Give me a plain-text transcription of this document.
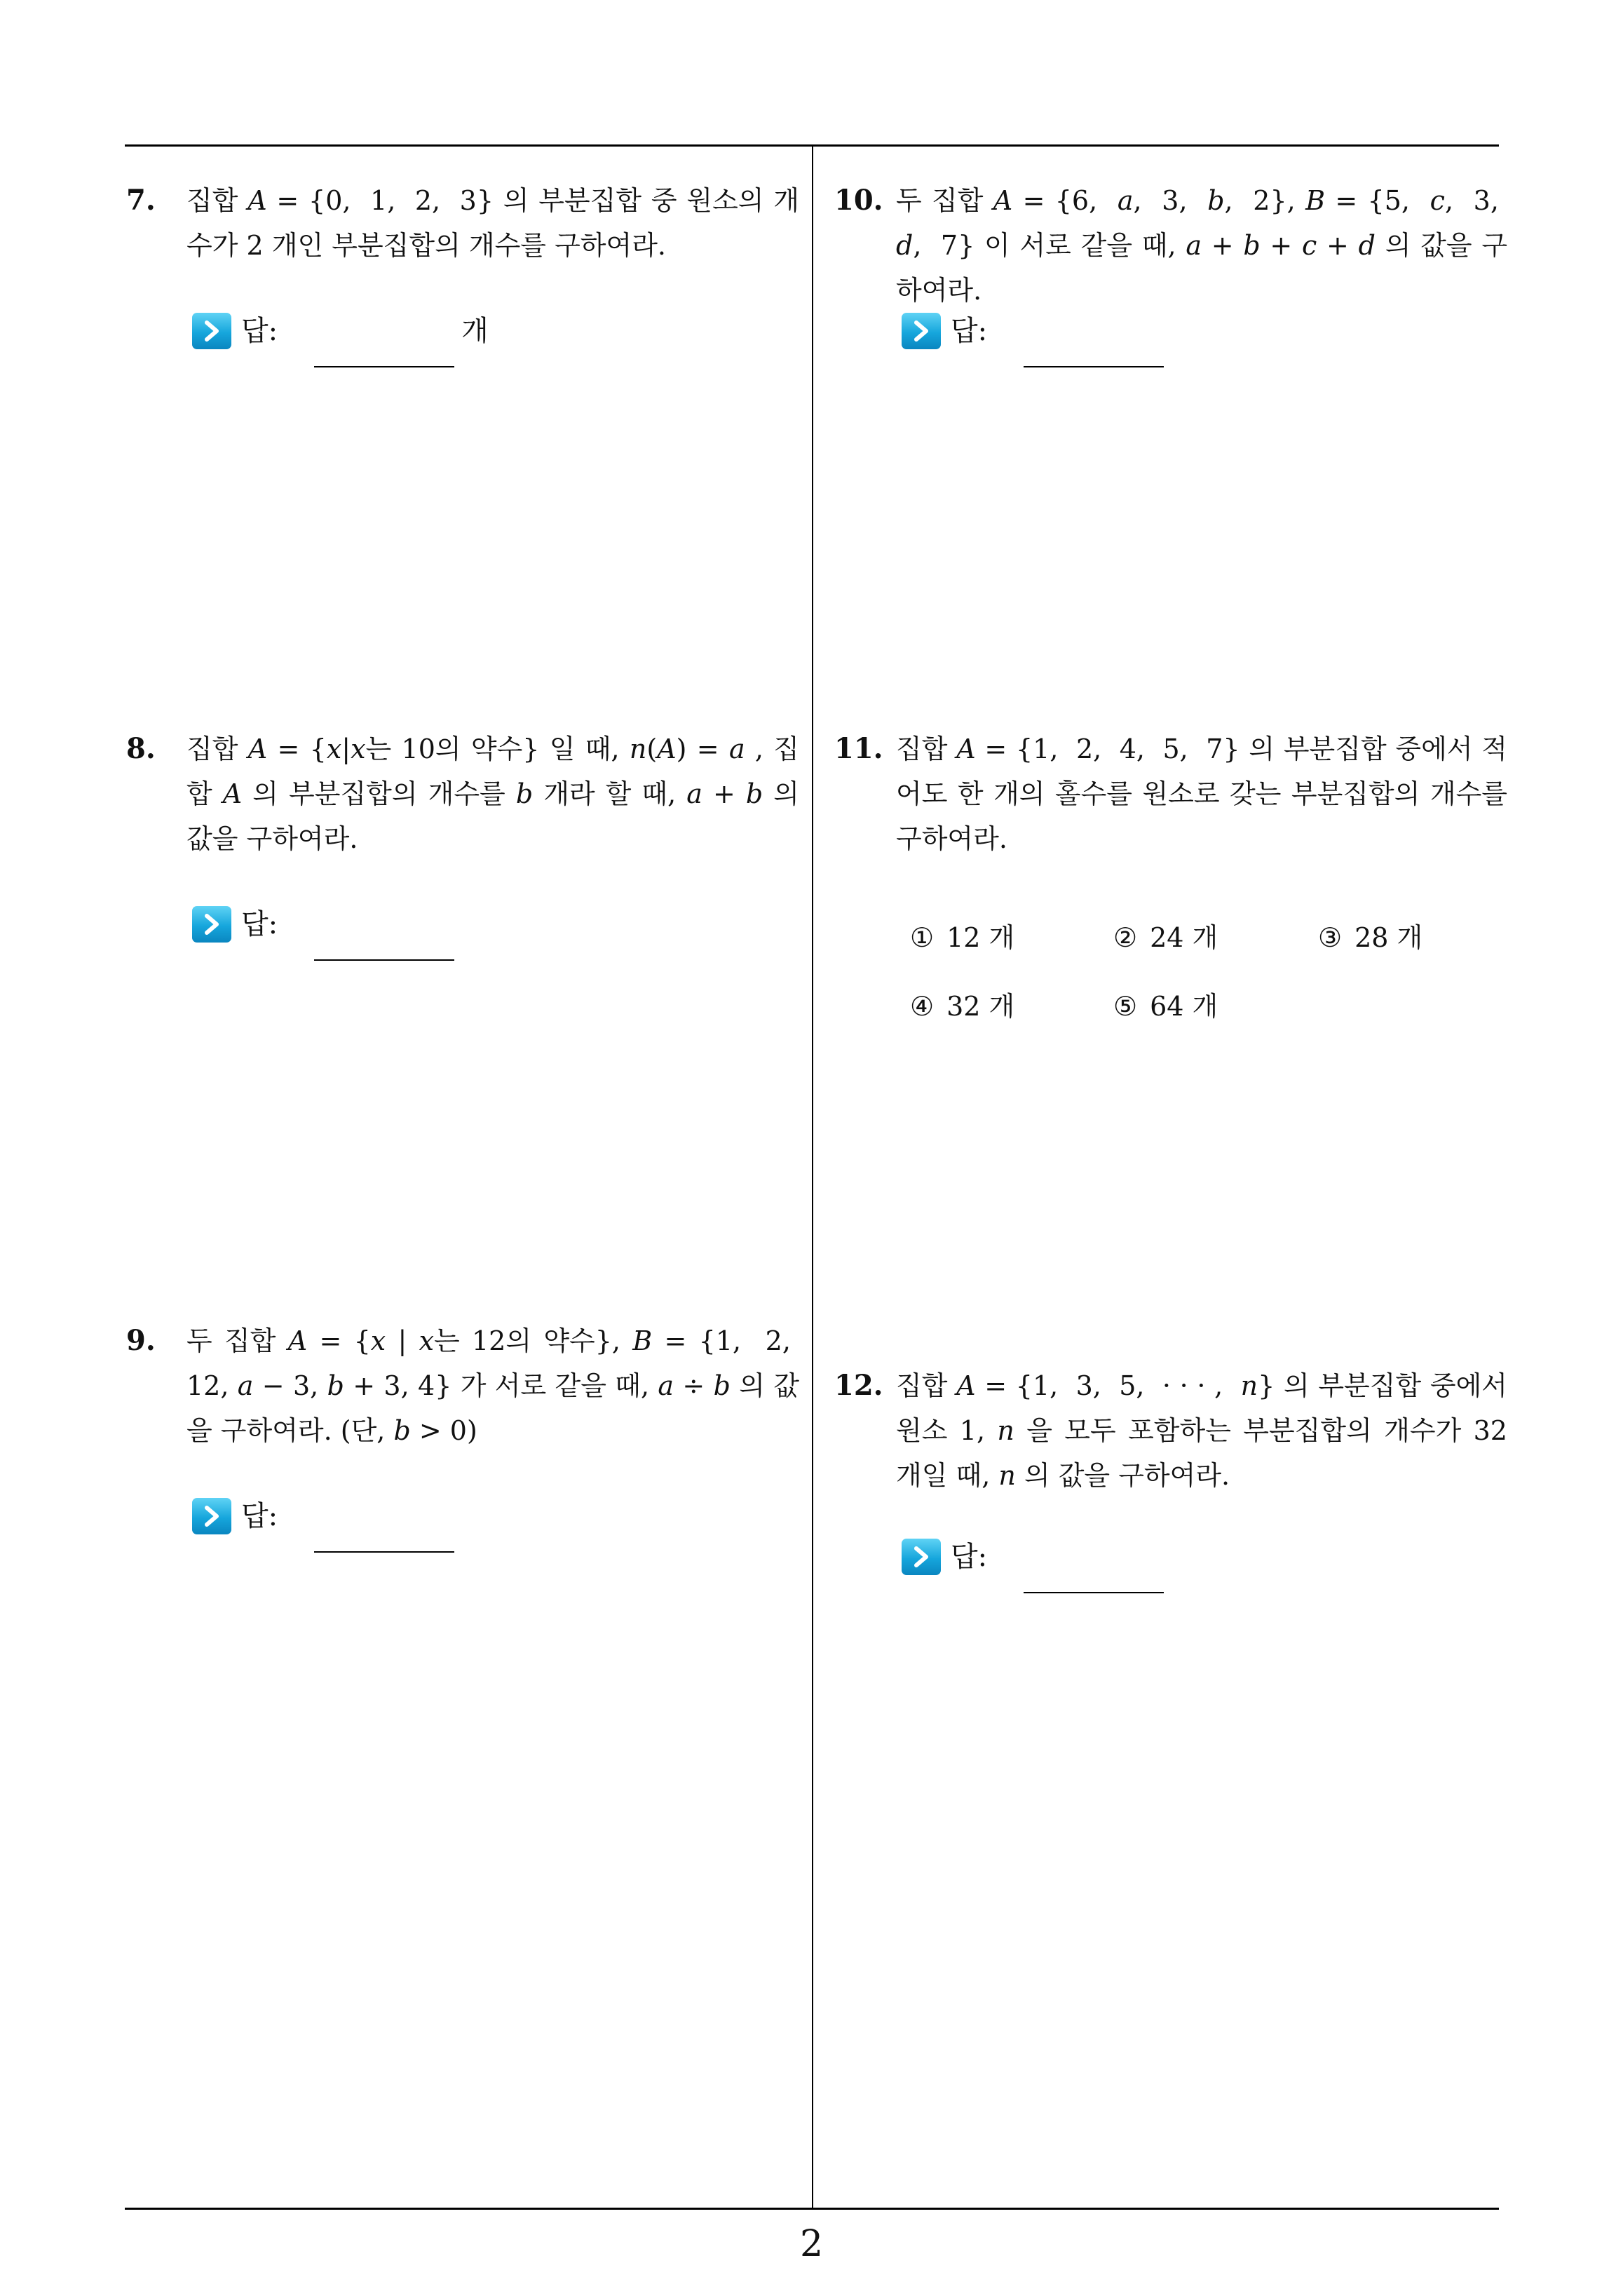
7. 집합 A = {0,  1,  2,  3} 의 부분집합 중 원소의 개수가 2 개인 부분집합의 개수를 구하여라.

답:	개
8. 집합 A = {x|x는 10의 약수} 일 때, n(A) = a , 집합 A 의 부분집합의 개수를 b 개라 할 때, a + b 의 값을 구하여라.

답:
9. 두 집합 A = {x | x는 12의 약수}, B = {1,  2,  12, a − 3, b + 3, 4} 가 서로 같을 때, a ÷ b 의 값을 구하여라. (단, b > 0)

답:
10. 두 집합 A = {6,  a,  3,  b,  2}, B = {5,  c,  3,  d,  7} 이 서로 같을 때, a + b + c + d 의 값을 구하여라.

답:
11. 집합 A = {1,  2,  4,  5,  7} 의 부분집합 중에서 적어도 한 개의 홀수를 원소로 갖는 부분집합의 개수를 구하여라.

① 12 개	② 24 개	③ 28 개
④ 32 개	⑤ 64 개
12. 집합 A = {1,  3,  5,  · · · ,  n} 의 부분집합 중에서 원소 1, n 을 모두 포함하는 부분집합의 개수가 32 개일 때, n 의 값을 구하여라.

답:
2
